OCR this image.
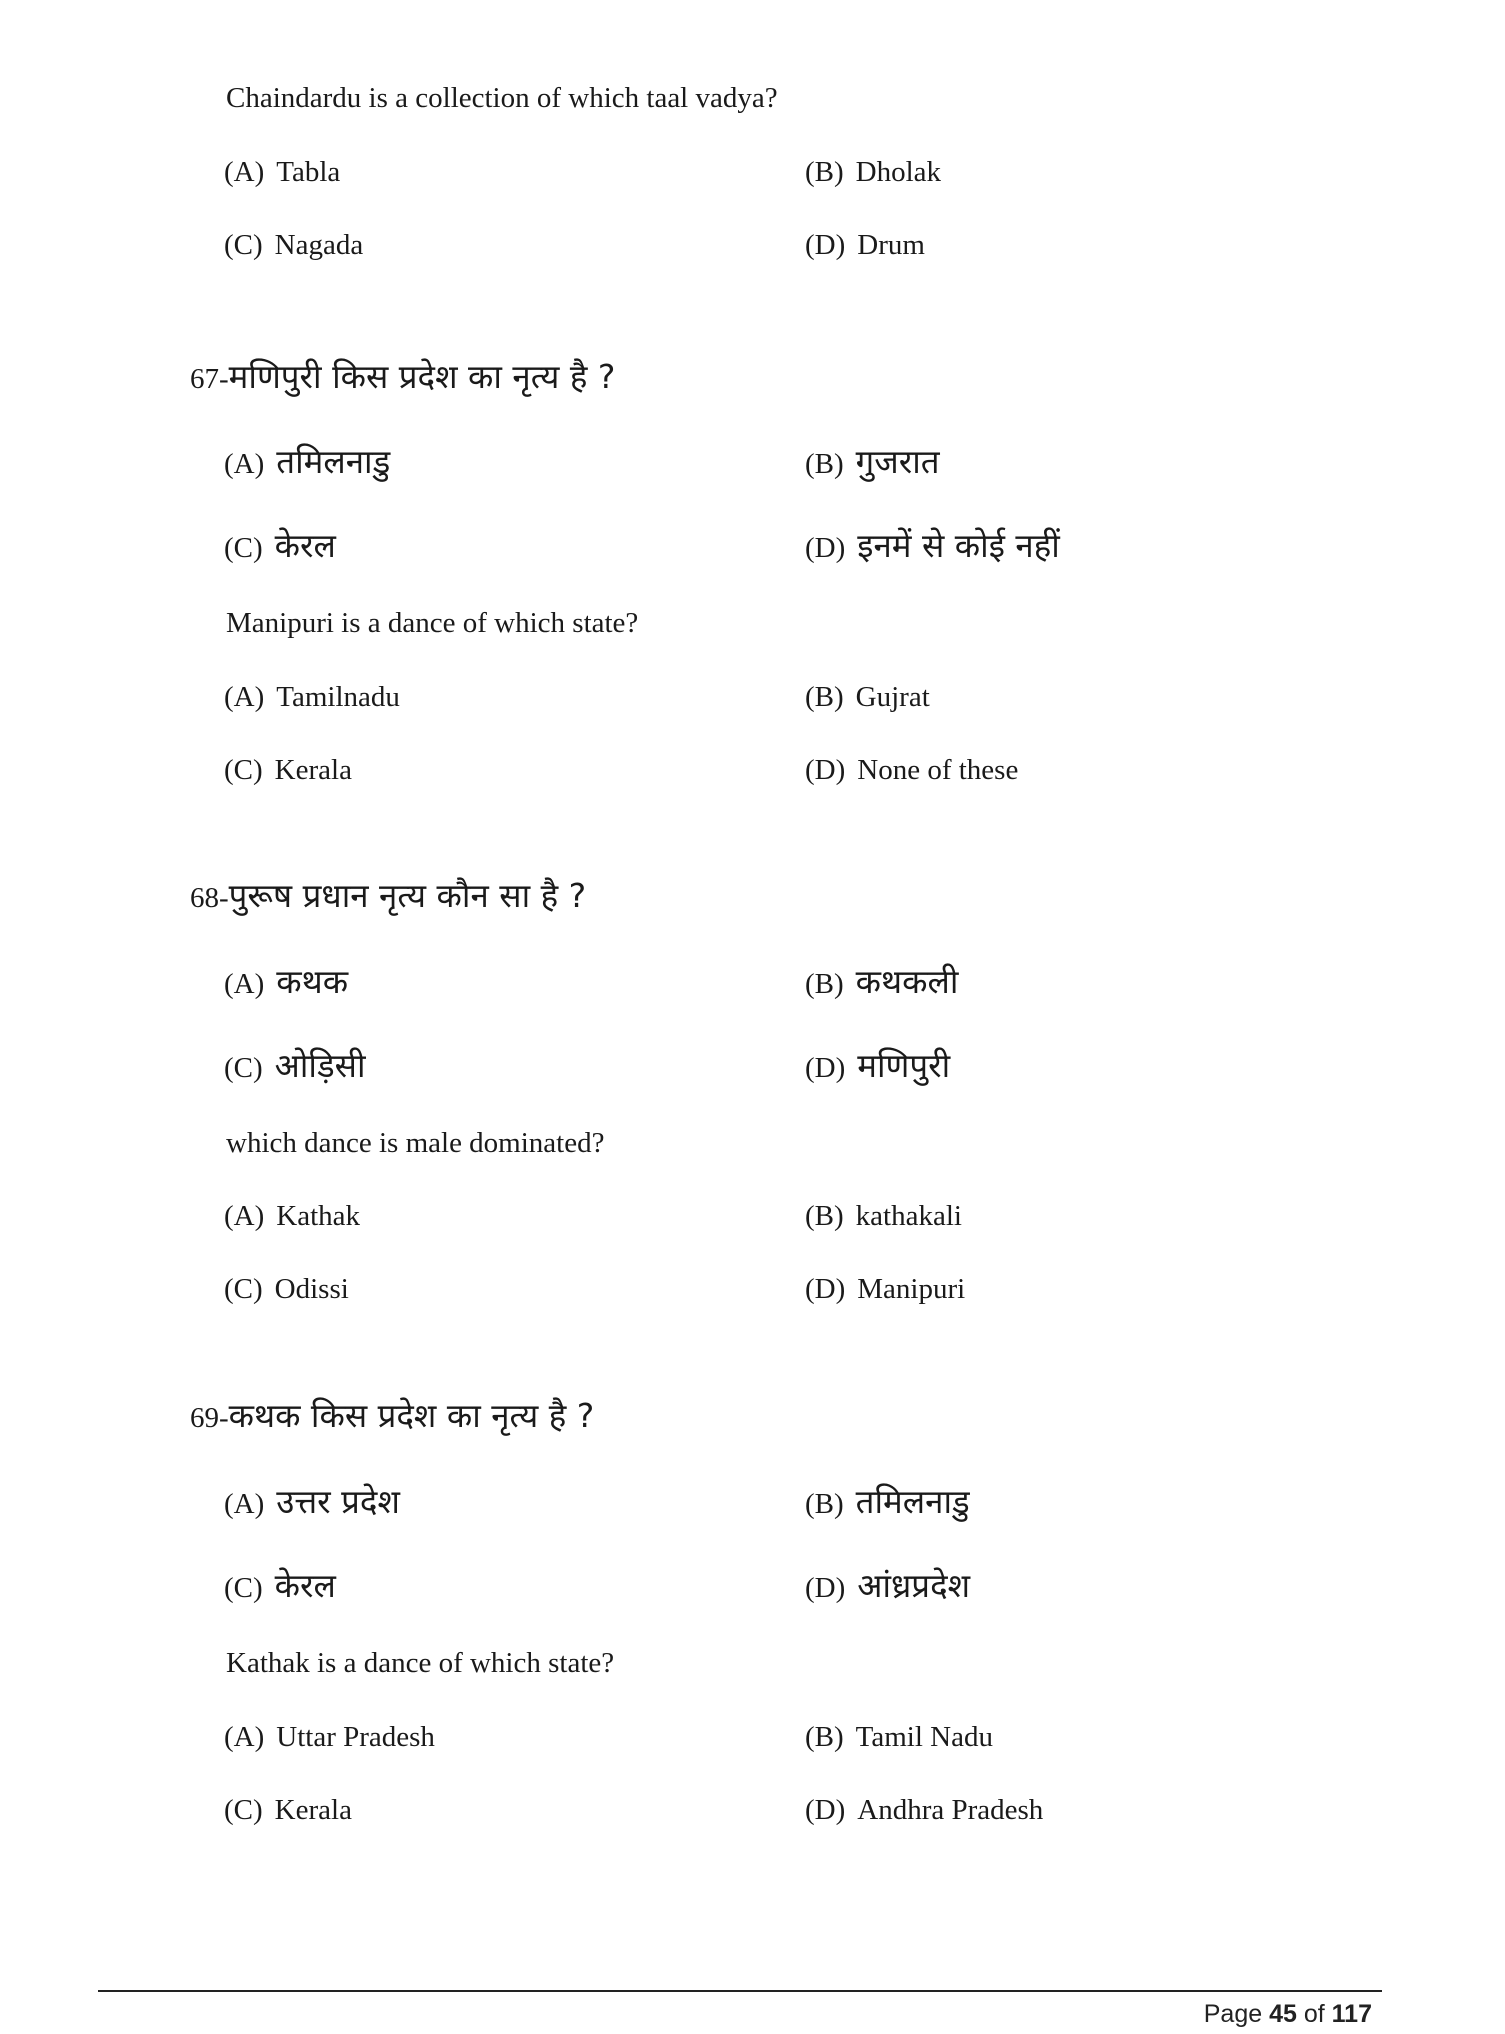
Chaindardu is a collection of which taal vadya?
(A) Tabla	(B) Dholak
(C) Nagada	(D) Drum
67-मणिपुरी किस प्रदेश का नृत्य है ?
(A) तमिलनाडु	(B) गुजरात
(C) केरल	(D) इनमें से कोई नहीं
Manipuri is a dance of which state?
(A) Tamilnadu	(B) Gujrat
(C) Kerala	(D) None of these
68-पुरूष प्रधान नृत्य कौन सा है ?
(A) कथक	(B) कथकली
(C) ओड़िसी	(D) मणिपुरी
which dance is male dominated?
(A) Kathak	(B) kathakali
(C) Odissi	(D) Manipuri
69-कथक किस प्रदेश का नृत्य है ?
(A) उत्तर प्रदेश	(B) तमिलनाडु
(C) केरल	(D) आंध्रप्रदेश
Kathak is a dance of which state?
(A) Uttar Pradesh	(B) Tamil Nadu
(C) Kerala	(D) Andhra Pradesh
Page 45 of 117
